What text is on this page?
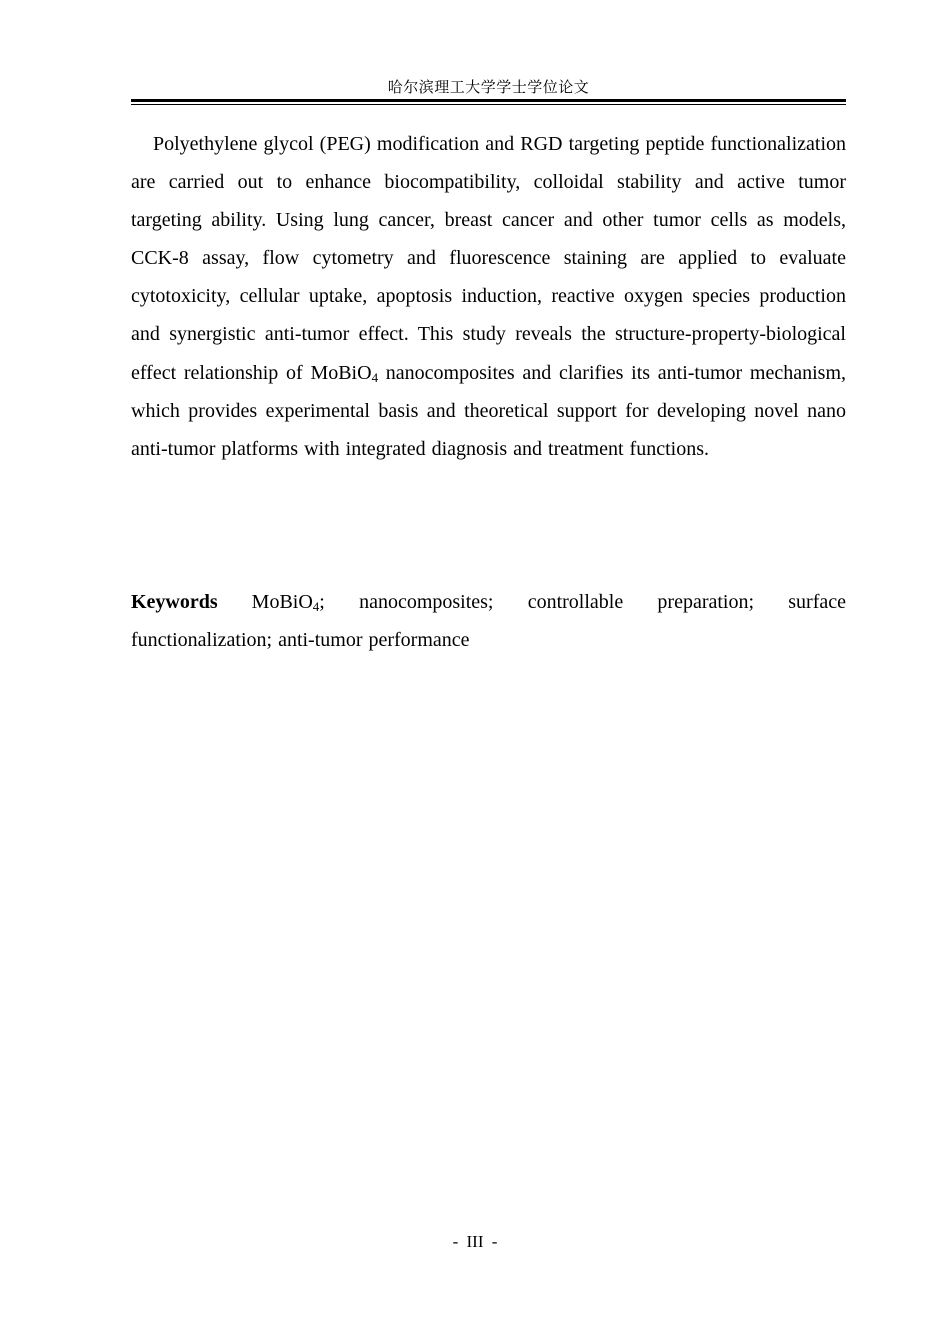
哈尔滨理工大学学士学位论文

Polyethylene glycol (PEG) modification and RGD targeting peptide functionalization are carried out to enhance biocompatibility, colloidal stability and active tumor targeting ability. Using lung cancer, breast cancer and other tumor cells as models, CCK-8 assay, flow cytometry and fluorescence staining are applied to evaluate cytotoxicity, cellular uptake, apoptosis induction, reactive oxygen species production and synergistic anti-tumor effect. This study reveals the structure-property-biological effect relationship of MoBiO$_4$ nanocomposites and clarifies its anti-tumor mechanism, which provides experimental basis and theoretical support for developing novel nano anti-tumor platforms with integrated diagnosis and treatment functions.

Keywords MoBiO$_4$; nanocomposites; controllable preparation; surface functionalization; anti-tumor performance

- III -
